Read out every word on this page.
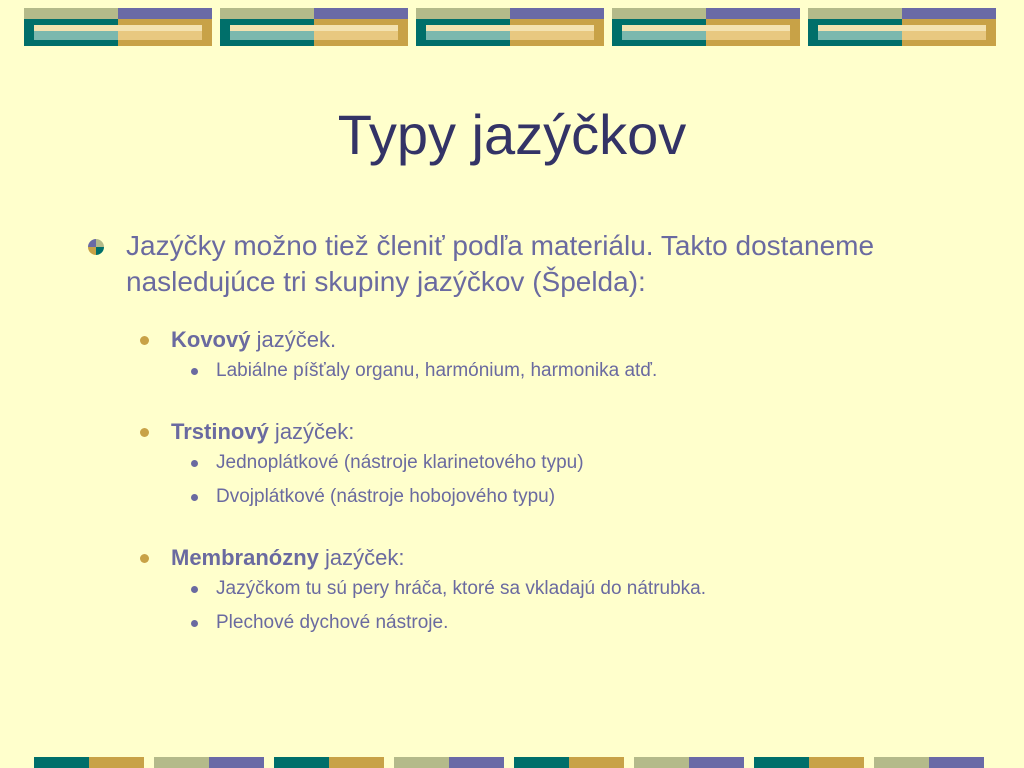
Typy jazýčkov
Jazýčky možno tiež členiť podľa materiálu. Takto dostaneme nasledujúce tri skupiny jazýčkov (Špelda):
Kovový jazýček.
Labiálne píšťaly organu, harmónium, harmonika atď.
Trstinový jazýček:
Jednoplátkové (nástroje klarinetového typu)
Dvojplátkové (nástroje hobojového typu)
Membranózny jazýček:
Jazýčkom tu sú pery hráča, ktoré sa vkladajú do nátrubka.
Plechové dychové nástroje.
